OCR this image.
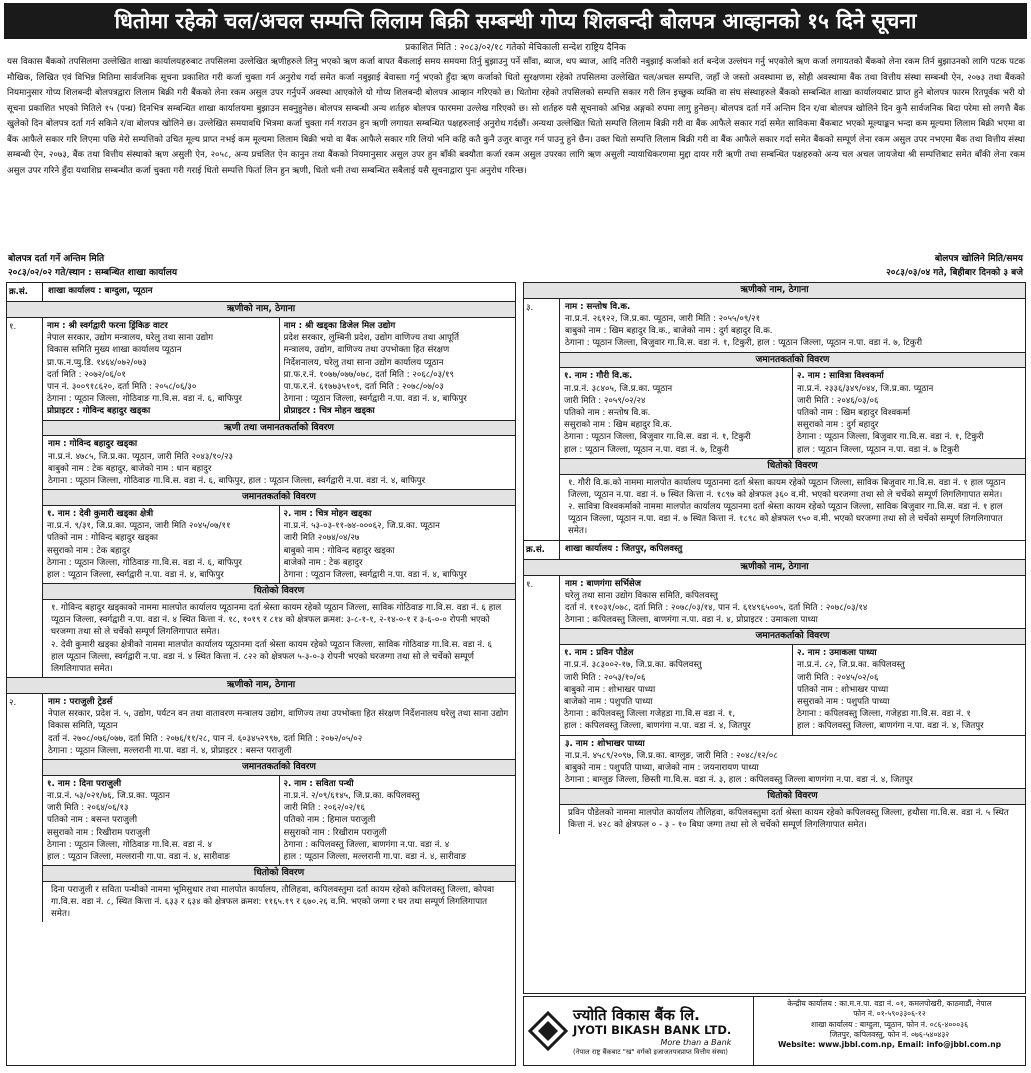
धितोमा रहेको चल/अचल सम्पत्ति लिलाम बिक्री सम्बन्धी गोप्य शिलबन्दी बोलपत्र आव्हानको १५ दिने सूचना
प्रकाशित मिति : २०८३/०२/१८ गतेको मेचिकाली सन्देश राष्ट्रिय दैनिक
यस विकास बैंकको तपसिलमा उल्लेखित शाखा कार्यालयहरुबाट तपसिलमा उल्लेखित ऋणीहरुले लिनु भएको ऋण कर्जा बापत बैंकलाई समय समयमा तिर्नु बुझाउनु पर्ने साँवा, ब्याज, थप ब्याज, आदि नतिरी नबुझाई कर्जाको शर्त बन्देज उल्लंघन गर्नु भएकोले ऋण कर्जा लगायतको बैंकको लेना रकम तिर्न बुझाउनको लागि पटक पटक मौखिक, लिखित एवं विभिन्न मितिमा सार्वजनिक सूचना प्रकाशित गरी कर्जा चुक्ता गर्न अनुरोध गर्दा समेत कर्जा नबुझाई बेवास्ता गर्नु भएको हुँदा ऋण कर्जाको धितो सुरक्षणमा रहेको तपसिलमा उल्लेखित चल/अचल सम्पत्ति, जहाँ जे जस्तो अवस्थामा छ, सोही अवस्थामा बैंक तथा वित्तीय संस्था सम्बन्धी ऐन, २०७३ तथा बैंकको नियमानुसार गोप्य शिलबन्दी बोलपत्रद्वारा लिलाम बिक्री गरी बैंकको लेना रकम असुल उपर गर्नुपर्ने अवस्था आएकोले यो गोप्य शिलबन्दी बोलपत्र आव्हान गरिएको छ। धितोमा रहेको तपसिलको सम्पत्ति सकार गरी लिन इच्छुक व्यक्ति वा संघ संस्थाहरुले बैंकको सम्बन्धित शाखा कार्यालयबाट प्राप्त हुने बोलपत्र फारम रितपूर्वक भरी यो सूचना प्रकाशित भएको मितिले १५ (पन्ध्र) दिनभित्र सम्बन्धित शाखा कार्यालयमा बुझाउन सक्नुहुनेछ। बोलपत्र सम्बन्धी अन्य शर्तहरु बोलपत्र फारममा उल्लेख गरिएको छ। सो शर्तहरु यसै सूचनाको अभिन्न अङ्गको रुपमा लागु हुनेछन्। बोलपत्र दर्ता गर्ने अन्तिम दिन र/वा बोलपत्र खोलिने दिन कुनै सार्वजनिक बिदा परेमा सो लगत्तै बैंक खुलेको दिन बोलपत्र दर्ता गर्न सकिने र/वा बोलपत्र खोलिने छ। उल्लेखित समयावधि भित्रमा कर्जा चुक्ता गर्न गराउन हुन ऋणी लगायत सम्बन्धित पक्षहरुलाई अनुरोध गर्दछौं। अन्यथा उल्लेखित धितो सम्पत्ति लिलाम बिक्री गरी वा बैंक आफैले सकार गर्दा समेत साविकमा बैंकबाट भएको मूल्याङ्कन भन्दा कम मूल्यमा लिलाम बिक्री भएमा वा बैंक आफैले सकार गरि लिएमा पछि मेरो सम्पत्तिको उचित मूल्य प्राप्त नभई कम मूल्यमा लिलाम बिक्री भयो वा बैंक आफैले सकार गरि लियो भनि कहि कतै कुनै उजुर बाजुर गर्न पाउनु हुने छैन। उक्त धितो सम्पत्ति लिलाम बिक्री गरी वा बैंक आफैले सकार गर्दा समेत बैंकको सम्पूर्ण लेना रकम असुल उपर नभएमा बैंक तथा वित्तीय संस्था सम्बन्धी ऐन, २०७३, बैंक तथा वित्तीय संस्थाको ऋण असुली ऐन, २०५८, अन्य प्रचलित ऐन कानुन तथा बैंकको नियमानुसार असुल उपर हुन बाँकी बक्यौता कर्जा रकम असुल उपरका लागि ऋण असुली न्यायाधिकरणमा मुद्दा दायर गरी ऋणी तथा सम्बन्धित पक्षहरुको अन्य चल अचल जायजेथा श्री सम्पत्तिबाट समेत बाँकी लेना रकम असुल उपर गरिने हुँदा यथाशिघ्र सम्बन्धीत कर्जा चुक्ता गरी गराई धितो सम्पत्ति फिर्ता लिन हुन ऋणी, धितो धनी तथा सम्बन्धित सबैलाई यसै सूचनाद्वारा पुनः अनुरोध गरिन्छ।
बोलपत्र दर्ता गर्ने अन्तिम मिति
२०८३/०२/०२ गते/स्थान : सम्बन्धित शाखा कार्यालय
बोलपत्र खोलिने मिति/समय
२०८३/०३/०४ गते, बिहीबार दिनको ३ बजे
क्र.सं.	शाखा कार्यालय : बाग्दुला, प्यूठान
ऋणीको नाम, ठेगाना
१.	नाम : श्री स्वर्गद्वारी फरना ड्रिंकिङ वाटर
नेपाल सरकार, उद्योग मन्त्रालय, घरेलु तथा साना उद्योग
विकास समिति मुख्य शाखा कार्यालय प्यूठान
प्रा.फ.न.प्यु.डि. १४६४/०७२/०७३
दर्ता मिति : २०७२/०६/०१
पान नं. ३००९१८६२०, दर्ता मिति : २०५८/०६/३०
ठेगाना : प्यूठान जिल्ला, गोठिवाङ गा.वि.स. वडा नं. ६, बाफिपुर
प्रोप्राइटर : गोविन्द बहादुर खड्का
नाम : श्री खड्का डिजेल मिल उद्योग
प्रदेश सरकार, लुम्बिनी प्रदेश, उद्योग वाणिज्य तथा आपूर्ति
मन्त्रालय, उद्योग, वाणिज्य तथा उपभोक्ता हित संरक्षण
निर्देशनालय, घरेलु तथा साना उद्योग कार्यालय प्यूठान
प्रा.फ.र.नं. १०७७/०७७/०७८, दर्ता मिति : २०६८/०३/१९
पा.फ.र.नं. ६१७७३५१०९, दर्ता मिति : २०७८/०७/०३
ठेगाना : प्यूठान जिल्ला, स्वर्गद्वारी न.पा. वडा नं. ४, बाफिपुर
प्रोप्राइटर : चित्र मोहन खड्का
ऋणी तथा जमानतकर्ताको विवरण
नाम : गोविन्द बहादुर खड्का
ना.प्र.नं. ४७८५, जि.प्र.का. प्यूठान, जारी मिति २०४३/१०/२३
बाबुको नाम : टेक बहादुर, बाजेको नाम : धान बहादुर
ठेगाना : प्यूठान जिल्ला, गोठिवाङ गा.वि.स. वडा नं. ६, बाफिपुर, हाल : प्यूठान जिल्ला, स्वर्गद्वारी न.पा. वडा नं. ४, बाफिपुर
जमानतकर्ताको विवरण
१. नाम : देवी कुमारी खड्का क्षेत्री
ना.प्र.नं. ९/३१, जि.प्र.का. प्यूठान, जारी मिति २०४५/०७/११
पतिको नाम : गोविन्द बहादुर खड्का
ससुराको नाम : टेक बहादुर
ठेगाना : प्यूठान जिल्ला, गोठिवाङ गा.वि.स. वडा नं. ६, बाफिपुर
हाल : प्यूठान जिल्ला, स्वर्गद्वारी न.पा. वडा नं. ४, बाफिपुर
२. नाम : चित्र मोहन खड्का
ना.प्र.नं. ५३-०३-११-७४-०००६२, जि.प्र.का. प्यूठान
जारी मिति २०७४/०४/२७
बाबुको नाम : गोविन्द बहादुर खड्का
बाजेको नाम : टेक बहादुर
ठेगाना : प्यूठान जिल्ला, स्वर्गद्वारी न.पा. वडा नं. ४, बाफिपुर
धितोको विवरण
१. गोविन्द बहादुर खड्काको नाममा मालपोत कार्यालय प्यूठानमा दर्ता श्रेस्ता कायम रहेको प्यूठान जिल्ला, साविक गोठिवाङ गा.वि.स. वडा नं. ६ हाल प्यूठान जिल्ला, स्वर्गद्वारी न.पा. वडा नं. ४ स्थित कित्ता नं. १८, १०१९ र ८१४ को क्षेत्रफल क्रमश: ३-८-१-१, २-१४-०-१ र ३-६-०-० रोपनी भएको घरजग्गा तथा सो ले चर्चेको सम्पूर्ण लिगलिगापात समेत।
२. देवी कुमारी खड्का क्षेत्रीको नाममा मालपोत कार्यालय प्यूठानमा दर्ता श्रेस्ता कायम रहेको प्यूठान जिल्ला, साविक गोठिवाङ गा.वि.स. वडा नं. ६ हाल प्यूठान जिल्ला, स्वर्गद्वारी न.पा. वडा नं. ४ स्थित कित्ता नं. ८२२ को क्षेत्रफल ५-३-०-३ रोपनी भएको घरजग्गा तथा सो ले चर्चेको सम्पूर्ण लिगलिगापात समेत।
ऋणीको नाम, ठेगाना
२.	नाम : पराजुली ट्रेडर्स
नेपाल सरकार, प्रदेश नं. ५, उद्योग, पर्यटन वन तथा वातावरण मन्त्रालय उद्योग, वाणिज्य तथा उपभोक्ता हित संरक्षण निर्देशनालय घरेलु तथा साना उद्योग विकास समिति, प्यूठान
दर्ता नं. २७०८/०७६/०७७, दर्ता मिति : २०७६/११/२८, पान नं. ६०३४५२९९७, दर्ता मिति : २०७२/०५/०२
ठेगाना : प्यूठान जिल्ला, मल्लरानी गा.पा. वडा नं. ४, प्रोप्राइटर : बसन्त पराजुली
जमानतकर्ताको विवरण
१. नाम : दिना पराजुली
ना.प्र.नं. ५३/०२१/७६, जि.प्र.का. प्यूठान
जारी मिति : २०६४/०६/१३
पतिको नाम : बसन्त पराजुली
ससुराको नाम : रिखीराम पराजुली
ठेगाना : प्यूठान जिल्ला, गोठिवाङ गा.वि.स. वडा नं. ४
हाल : प्यूठान जिल्ला, मल्लरानी गा.पा. वडा नं. ४, सारीवाङ
२. नाम : सविता पन्थी
ना.प्र.नं. २/०९/६१४५, जि.प्र.का. कपिलवस्तु
जारी मिति : २०६२/०२/१६
पतिको नाम : हिमाल पराजुली
ससुराको नाम : रिखीराम पराजुली
ठेगाना : कपिलवस्तु जिल्ला, बाणगंगा न.पा. वडा नं. ४
हाल : प्यूठान जिल्ला, मल्लरानी गा.पा. वडा नं. ४, सारीवाङ
धितोको विवरण
दिना पराजुली र सविता पन्थीको नाममा भूमिसुधार तथा मालपोत कार्यालय, तौलिहवा, कपिलवस्तुमा दर्ता कायम रहेको कपिलवस्तु जिल्ला, कोपवा गा.वि.स. वडा नं. ८, स्थित कित्ता नं. ६३३ र ६३४ को क्षेत्रफल क्रमश: ११६५.१९ र ६७०.२६ व.मि. भएको जग्गा र घर तथा सम्पूर्ण लिगलिगापात समेत।
ऋणीको नाम, ठेगाना
३.	नाम : सन्तोष वि.क.
ना.प्र.नं. २६१२२, जि.प्र.का. प्यूठान, जारी मिति : २०५५/०९/२१
बाबुको नाम : खिम बहादुर वि.क., बाजेको नाम : दुर्ग बहादुर वि.क.
ठेगाना : प्यूठान जिल्ला, बिजुवार गा.वि.स. वडा नं. १, टिकुरी, हाल : प्यूठान जिल्ला, प्यूठान न.पा. वडा नं. ७, टिकुरी
जमानतकर्ताको विवरण
१. नाम : गौरी वि.क.
ना.प्र.नं. ३८४०५, जि.प्र.का. प्यूठान
जारी मिति : २०५९/०२/२४
पतिको नाम : सन्तोष वि.क.
ससुराको नाम : खिम बहादुर वि.क.
ठेगाना : प्यूठान जिल्ला, बिजुवार गा.वि.स. वडा नं. १, टिकुरी
हाल : प्यूठान जिल्ला, प्यूठान न.पा. वडा नं. ७, टिकुरी
२. नाम : सावित्रा विश्वकर्मा
ना.प्र.नं. २३३६/३४९/०४४, जि.प्र.का. प्यूठान
जारी मिति : २०४६/०३/०६
पतिको नाम : खिम बहादुर विश्वकर्मा
ससुराको नाम : दुर्ग बहादुर
ठेगाना : प्यूठान जिल्ला, बिजुवार गा.वि.स. वडा नं. १, टिकुरी
हाल : प्यूठान जिल्ला, प्यूठान न.पा. वडा नं. ७ टिकुरी
धितोको विवरण
१. गौरी वि.क.को नाममा मालपोत कार्यालय प्यूठानमा दर्ता श्रेस्ता कायम रहेको प्यूठान जिल्ला, साविक बिजुवार गा.वि.स. वडा नं. १ हाल प्यूठान जिल्ला, प्यूठान न.पा. वडा नं. ७ स्थित कित्ता नं. १८९७ को क्षेत्रफल ३६० व.मी. भएको घरजग्गा तथा सो ले चर्चेको सम्पूर्ण लिगलिगापात समेत।
२. सावित्रा विश्वकर्माको नाममा मालपोत कार्यालय प्यूठानमा दर्ता श्रेस्ता कायम रहेको प्यूठान जिल्ला, साविक बिजुवार गा.वि.स. वडा नं. १ हाल प्यूठान जिल्ला, प्यूठान न.पा. वडा नं. ७ स्थित कित्ता नं. १८९८ को क्षेत्रफल ९५० व.मी. भएको घरजग्गा तथा सो ले चर्चेको सम्पूर्ण लिगलिगापात समेत।
क्र.सं.	शाखा कार्यालय : जितपुर, कपिलवस्तु
ऋणीको नाम, ठेगाना
१.	नाम : बाणगंगा सर्भिसेज
घरेलु तथा साना उद्योग विकास समिति, कपिलवस्तु
दर्ता नं. ११०३१/०७८, दर्ता मिति : २०७८/०३/१४, पान नं. ६१४९६५००५, दर्ता मिति : २०७८/०३/१४
ठेगाना : कपिलवस्तु जिल्ला, बाणगंगा न.पा. वडा नं. ४, प्रोप्राइटर : उमाकला पाध्या
जमानतकर्ताको विवरण
१. नाम : प्रविन पौडेल
ना.प्र.नं. ३८३००२-१७, जि.प्र.का. कपिलवस्तु
जारी मिति : २०५३/१०/०६
बाबुको नाम : शोभाखर पाध्या
बाजेको नाम : पशुपति पाध्या
ठेगाना : कपिलवस्तु जिल्ला गजेहडा गा.वि.स वडा नं. १,
हाल : कपिलवस्तु जिल्ला, बाणगंगा न.पा. वडा नं. ४, जितपुर
२. नाम : उमाकला पाध्या
ना.प्र.नं. ८२, जि.प्र.का. कपिलवस्तु
जारी मिति : २०४५/०२/०६
पतिको नाम : शोभाखर पाध्या
ससुराको नाम : पशुपति पाध्या
ठेगाना : कपिलवस्तु जिल्ला, गजेहडा गा.वि.स. वडा नं. १
हाल : कपिलवस्तु जिल्ला, बाणगंगा न.पा. वडा नं. ४, जितपुर
३. नाम : शोभाखर पाध्या
ना.प्र.नं. ४५८९/२०९७, जि.प्र.का. बाग्लुङ, जारी मिति : २०४८/१२/०८
बाबुको नाम : पशुपति पाध्या, बाजेको नाम : जयनारायण पाध्या
ठेगाना : बाग्लुङ जिल्ला, छिस्ती गा.वि.स. वडा नं. ३, हाल : कपिलवस्तु जिल्ला बाणगंगा न.पा. वडा नं. ४, जितपुर
धितोको विवरण
प्रविन पौडेलको नाममा मालपोत कार्यालय तौलिहवा, कपिलवस्तुमा दर्ता श्रेस्ता कायम रहेको कपिलवस्तु जिल्ला, हथौसा गा.वि.स. वडा नं. ५ स्थित कित्ता नं. ४२८ को क्षेत्रफल ० - ३ - १० बिघा जग्गा तथा सो ले चर्चेको सम्पूर्ण लिगलिगापात समेत।
ज्योति विकास बैंक लि.
JYOTI BIKASH BANK LTD.
More than a Bank
(नेपाल राष्ट्र बैंकबाट "ख" वर्गको इजाजतपत्रप्राप्त वित्तीय संस्था)
केन्द्रीय कार्यालय : का.म.न.पा. वडा नं. ०१, कमलपोखरी, काठमाडौं, नेपाल
फोन नं. ०१-५९०३३०६-१२
शाखा कार्यालय : बाग्दुला, प्यूठान, फोन नं. ०८६-४०००३६
जितपुर, कपिलवस्तु, फोन नं. ०७६-५४०४३२
Website: www.jbbl.com.np, Email: info@jbbl.com.np
